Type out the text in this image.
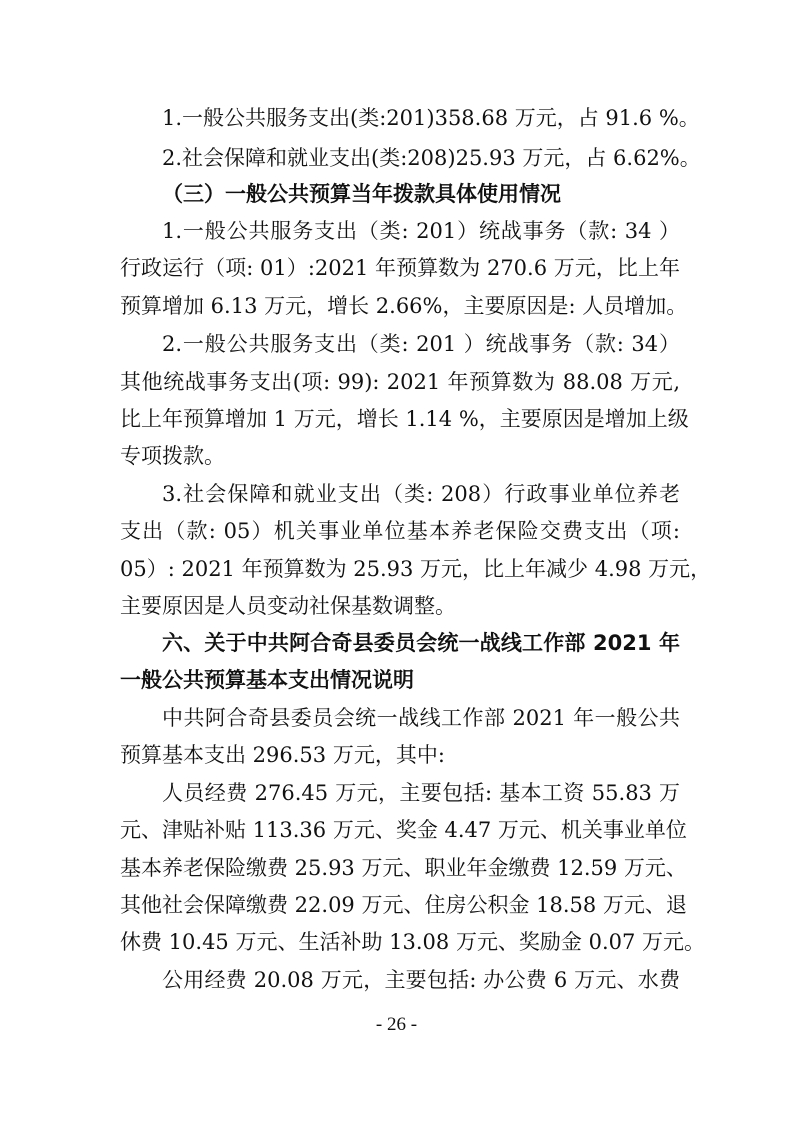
1.一般公共服务支出(类:201)358.68 万元，占 91.6 %。
2.社会保障和就业支出(类:208)25.93 万元，占 6.62%。
（三）一般公共预算当年拨款具体使用情况
1.一般公共服务支出（类: 201）统战事务（款: 34 ）
行政运行（项: 01）:2021 年预算数为 270.6 万元，比上年
预算增加 6.13 万元，增长 2.66%，主要原因是: 人员增加。
2.一般公共服务支出（类: 201 ）统战事务（款: 34）
其他统战事务支出(项: 99): 2021 年预算数为 88.08 万元,
比上年预算增加 1 万元，增长 1.14 %，主要原因是增加上级
专项拨款。
3.社会保障和就业支出（类: 208）行政事业单位养老
支出（款: 05）机关事业单位基本养老保险交费支出（项:
05）: 2021 年预算数为 25.93 万元，比上年减少 4.98 万元，
主要原因是人员变动社保基数调整。
六、关于中共阿合奇县委员会统一战线工作部 2021 年
一般公共预算基本支出情况说明
中共阿合奇县委员会统一战线工作部 2021 年一般公共
预算基本支出 296.53 万元，其中:
人员经费 276.45 万元，主要包括: 基本工资 55.83 万
元、津贴补贴 113.36 万元、奖金 4.47 万元、机关事业单位
基本养老保险缴费 25.93 万元、职业年金缴费 12.59 万元、
其他社会保障缴费 22.09 万元、住房公积金 18.58 万元、退
休费 10.45 万元、生活补助 13.08 万元、奖励金 0.07 万元。
公用经费 20.08 万元，主要包括: 办公费 6 万元、水费
- 26 -
